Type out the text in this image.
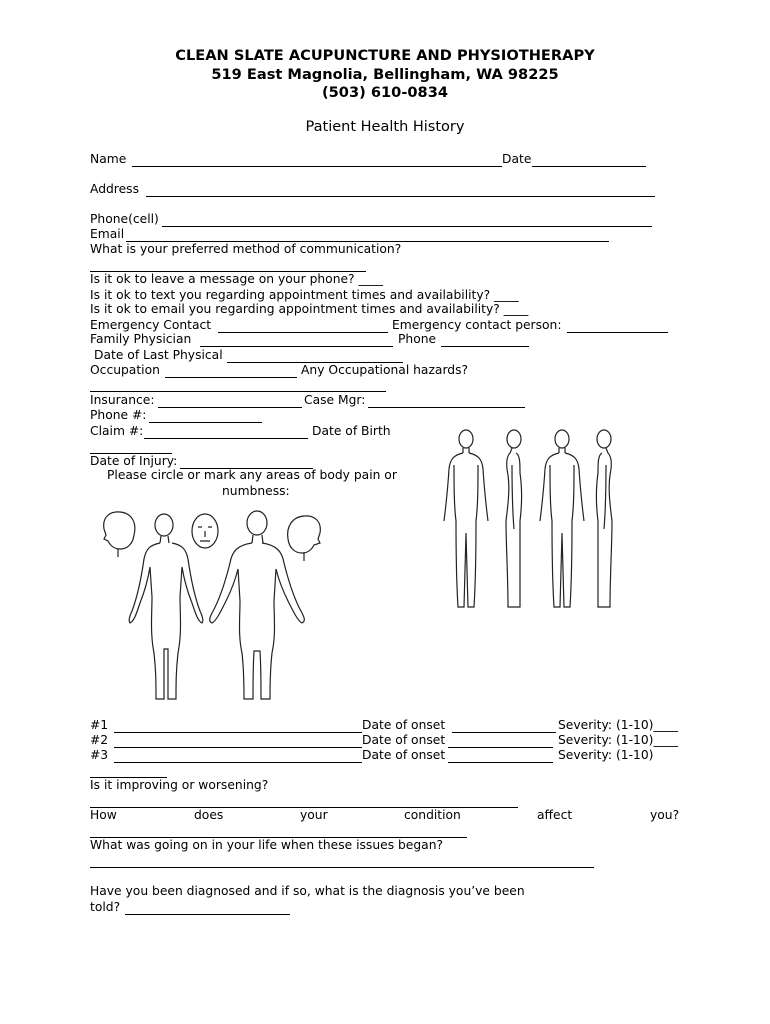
CLEAN SLATE ACUPUNCTURE AND PHYSIOTHERAPY
519 East Magnolia, Bellingham, WA 98225
(503) 610-0834
Patient Health History
Name	Date
Address
Phone(cell)
Email
What is your preferred method of communication?
Is it ok to leave a message on your phone? ____
Is it ok to text you regarding appointment times and availability? ____
Is it ok to email you regarding appointment times and availability? ____
Emergency Contact	Emergency contact person:
Family Physician	Phone
Date of Last Physical
Occupation	Any Occupational hazards?
Insurance:	Case Mgr:
Phone #:
Claim #:	Date of Birth
Date of Injury:
Please circle or mark any areas of body pain or
numbness:
#1	Date of onset	Severity: (1-10)____
#2	Date of onset	Severity: (1-10)____
#3	Date of onset	Severity: (1-10)
Is it improving or worsening?
How	does	your	condition	affect	you?
What was going on in your life when these issues began?
Have you been diagnosed and if so, what is the diagnosis you’ve been
told?
